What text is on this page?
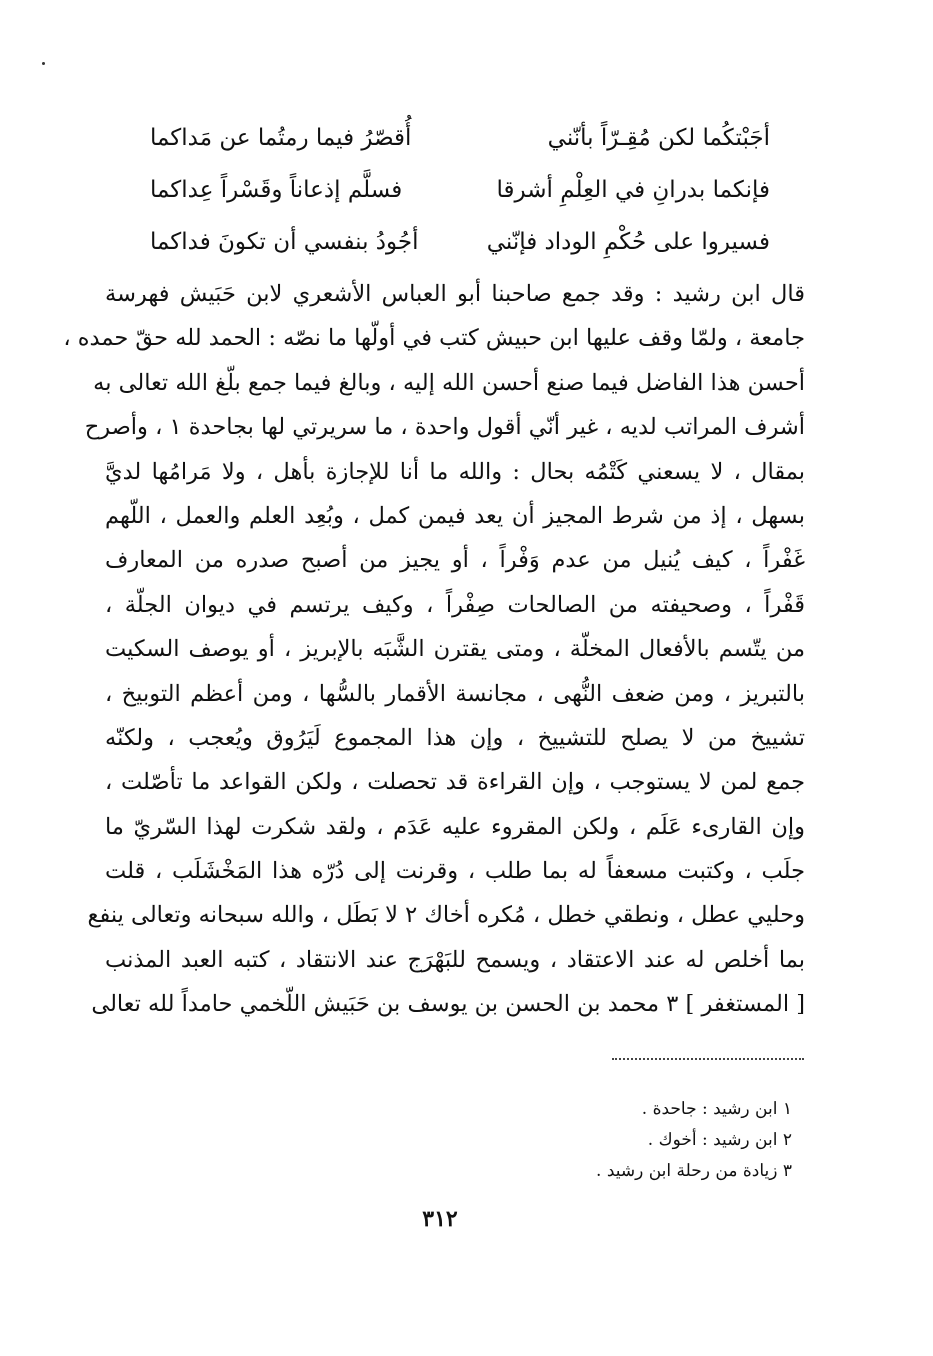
أجَبْتكُما لكن مُقِـرّاً بأنّني
أُقصّرُ فيما رمتُما عن مَداكما
فإنكما بدرانِ في العِلْمِ أشرقا
فسلَّم إذعاناً وقَسْراً عِداكما
فسيروا على حُكْمِ الوداد فإنّني
أجُودُ بنفسي أن تكونَ فداكما
قال ابن رشيد : وقد جمع صاحبنا أبو العباس الأشعري لابن حَبَيش فهرسة
جامعة ، ولمّا وقف عليها ابن حبيش كتب في أولّها ما نصّه : الحمد لله حقّ حمده ،
أحسن هذا الفاضل فيما صنع أحسن الله إليه ، وبالغ فيما جمع بلّغ الله تعالى به
أشرف المراتب لديه ، غير أنّي أقول واحدة ، ما سريرتي لها بجاحدة ١ ، وأصرح
بمقال ، لا يسعني كَتْمُه بحال : والله ما أنا للإجازة بأهل ، ولا مَرامُها لديَّ
بسهل ، إذ من شرط المجيز أن يعد فيمن كمل ، وبُعِد العلم والعمل ، اللّهم
غَفْراً ، كيف يُنيل من عدم وَفْراً ، أو يجيز من أصبح صدره من المعارف
قَفْراً ، وصحيفته من الصالحات صِفْراً ، وكيف يرتسم في ديوان الجلّة ،
من يتّسم بالأفعال المخلّة ، ومتى يقترن الشَّبَه بالإبريز ، أو يوصف السكيت
بالتبريز ، ومن ضعف النُّهى ، مجانسة الأقمار بالسُّها ، ومن أعظم التوبيخ ،
تشييخ من لا يصلح للتشييخ ، وإن هذا المجموع لَيَرُوق ويُعجب ، ولكنّه
جمع لمن لا يستوجب ، وإن القراءة قد تحصلت ، ولكن القواعد ما تأصّلت ،
وإن القارىء عَلَم ، ولكن المقروء عليه عَدَم ، ولقد شكرت لهذا السّريّ ما
جلَب ، وكتبت مسعفاً له بما طلب ، وقرنت إلى دُرّه هذا المَخْشَلَب ، قلت
وحليي عطل ، ونطقي خطل ، مُكره أخاك ٢ لا بَطَل ، والله سبحانه وتعالى ينفع
بما أخلص له عند الاعتقاد ، ويسمح للبَهْرَج عند الانتقاد ، كتبه العبد المذنب
[ المستغفر ] ٣ محمد بن الحسن بن يوسف بن حَبَيش اللّخمي حامداً لله تعالى
١ ابن رشيد : جاحدة .
٢ ابن رشيد : أخوك .
٣ زيادة من رحلة ابن رشيد .
٣١٢
